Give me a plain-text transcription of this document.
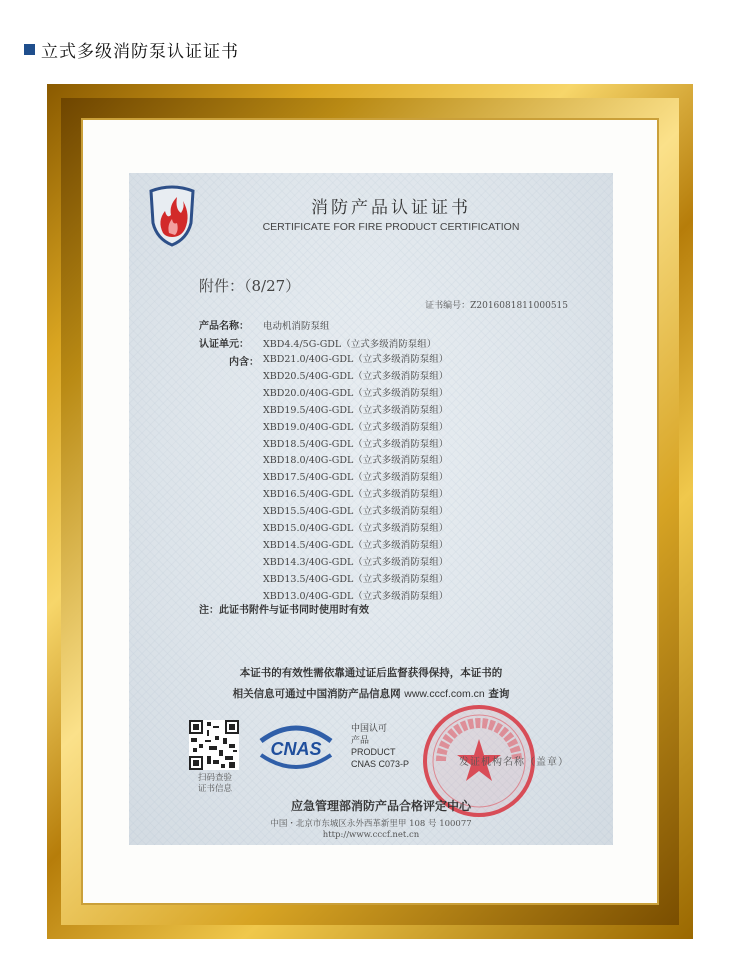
立式多级消防泵认证证书
消防产品认证证书
CERTIFICATE FOR FIRE PRODUCT CERTIFICATION
附件：（8/27）
证书编号：Z2016081811000515
产品名称： 电动机消防泵组
认证单元： XBD4.4/5G-GDL（立式多级消防泵组）
内含： XBD21.0/40G-GDL（立式多级消防泵组）
XBD20.5/40G-GDL（立式多级消防泵组）
XBD20.0/40G-GDL（立式多级消防泵组）
XBD19.5/40G-GDL（立式多级消防泵组）
XBD19.0/40G-GDL（立式多级消防泵组）
XBD18.5/40G-GDL（立式多级消防泵组）
XBD18.0/40G-GDL（立式多级消防泵组）
XBD17.5/40G-GDL（立式多级消防泵组）
XBD16.5/40G-GDL（立式多级消防泵组）
XBD15.5/40G-GDL（立式多级消防泵组）
XBD15.0/40G-GDL（立式多级消防泵组）
XBD14.5/40G-GDL（立式多级消防泵组）
XBD14.3/40G-GDL（立式多级消防泵组）
XBD13.5/40G-GDL（立式多级消防泵组）
XBD13.0/40G-GDL（立式多级消防泵组）
注：此证书附件与证书同时使用时有效
本证书的有效性需依靠通过证后监督获得保持，本证书的
相关信息可通过中国消防产品信息网 www.cccf.com.cn 查询
扫码查验
证书信息
CNAS
中国认可
产品
PRODUCT
CNAS C073-P	发证机构名称（盖章）
应急管理部消防产品合格评定中心
中国・北京市东城区永外西革新里甲 108 号 100077
http://www.cccf.net.cn
